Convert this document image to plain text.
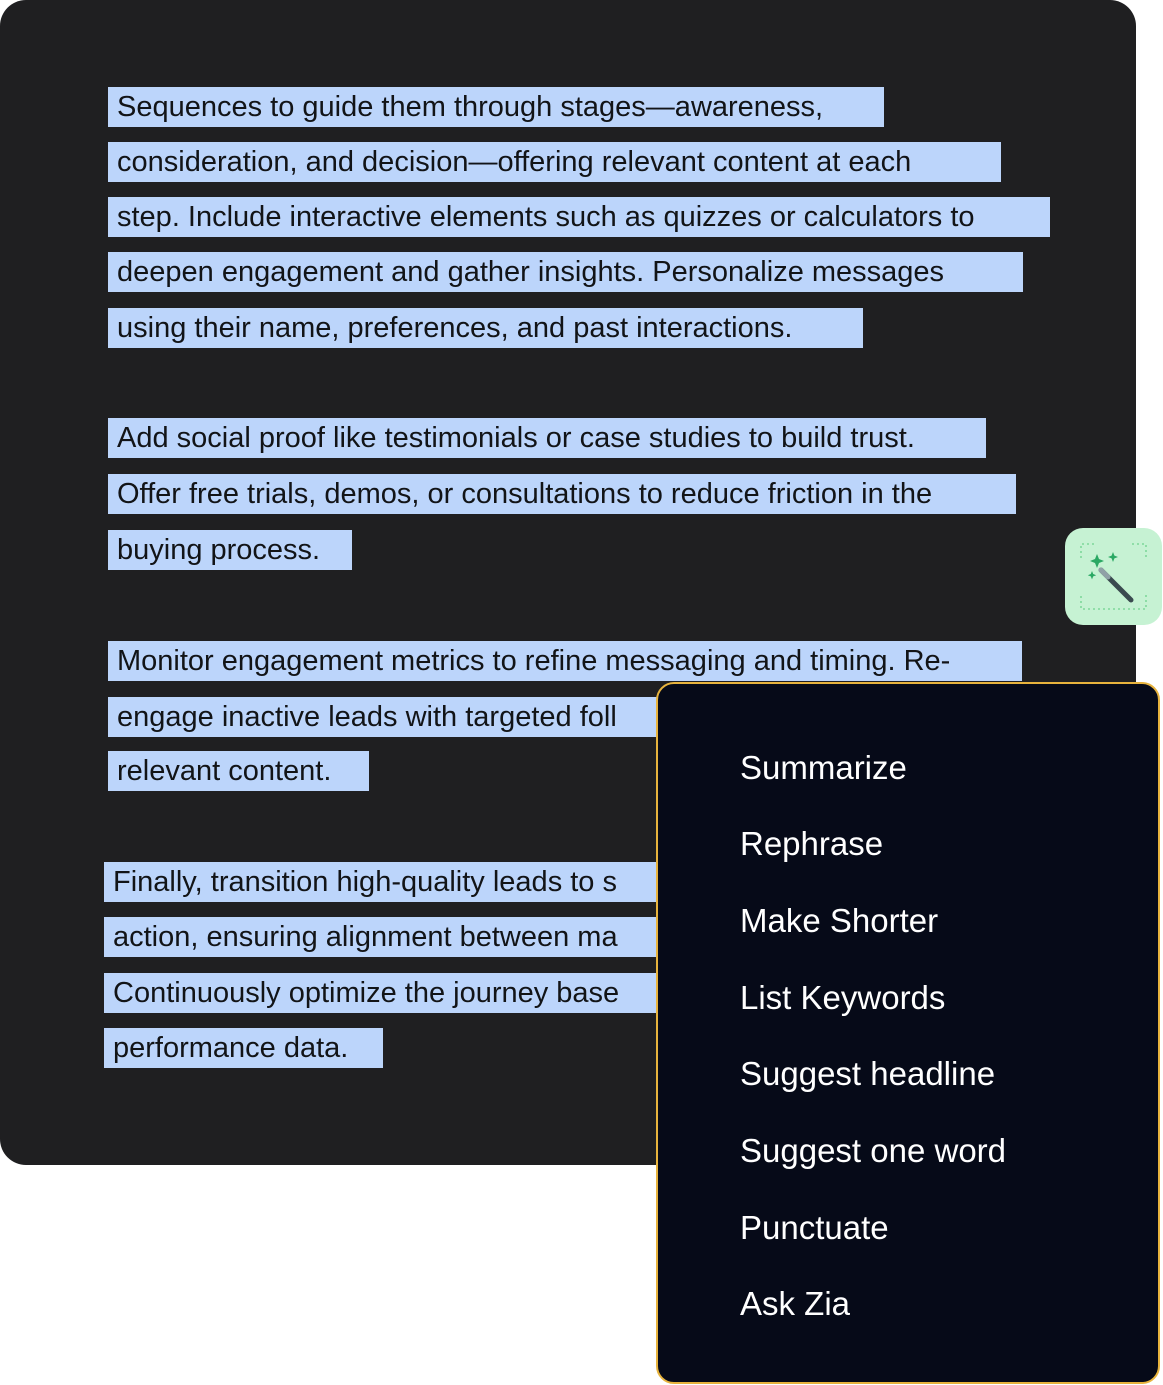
Sequences to guide them through stages—awareness,
consideration, and decision—offering relevant content at each
step. Include interactive elements such as quizzes or calculators to
deepen engagement and gather insights. Personalize messages
using their name, preferences, and past interactions.
Add social proof like testimonials or case studies to build trust.
Offer free trials, demos, or consultations to reduce friction in the
buying process.
Monitor engagement metrics to refine messaging and timing. Re-
engage inactive leads with targeted foll
relevant content.
Finally, transition high-quality leads to s
action, ensuring alignment between ma
Continuously optimize the journey base
performance data.
Summarize
Rephrase
Make Shorter
List Keywords
Suggest headline
Suggest one word
Punctuate
Ask Zia
